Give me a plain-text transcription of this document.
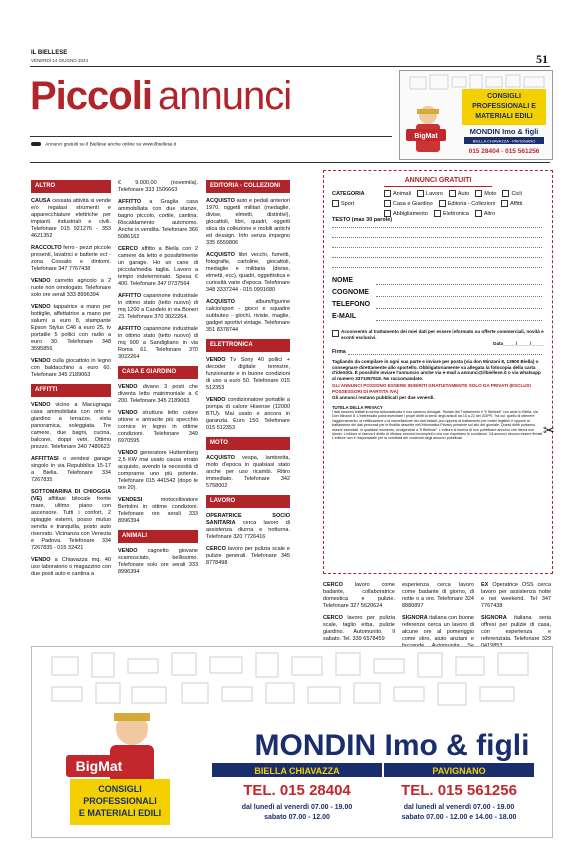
IL BIELLESE
VENERDÌ 14 GIUGNO 2024	51
Piccoli annunci
Annunci gratuiti su Il Biellese anche online su www.ilbiellese.it
BigMat
CONSIGLI
PROFESSIONALI E
MATERIALI EDILI
MONDIN Imo & figli
BIELLA CHIAVAZZA - PAVIGNANO
015 28404 - 015 561256
ALTRO

CAUSA cessata attività si vende e/o regalasi strumenti e apparecchiature elettriche per impianti industriali e civili. Telefonare 015 921276 - 353 4621352

RACCOLTO ferro - pezzi piccole presenti, lavatrici e batterie ect - zona Cossato e dintorni. Telefonare 347 7767438

VENDO carretto agricolo a 2 ruote non omologato. Telefonare solo ore serali 333 8996394

VENDO tappatrice a mano per bottiglie, affettatrice a mano per salumi a euro 8, stampante Epson Stylus C46 a euro 25, tv portatile 5 pollici con radio a euro 30. Telefonare 348 3595856

VENDO culla giocattolo in legno con baldacchino a euro 60. Telefonare 345 2189063

AFFITTI

VENDO vicino a Macugnaga casa ammobiliata con orto e giardino a terrazze, vista panoramica, soleggiata. Tre camere, due bagni, cucina, balcone, doppi vetri. Ottimo prezzo. Telefonare 340 7480623

AFFITTASI o vendesi garage singolo in via Repubblica 15-17 a Biella. Telefonare 334 7267835

SOTTOMARINA DI CHIOGGIA (VE) affittasi bilocale fronte mare, ultimo piano con ascensore. Tutti i confort, 2 spiaggie esterni, posso mutuo servita e tranquilla, posto auto riservato. Vicinanza con Venezia e Padova. Telefonare 334 7267835 - 015 32421

VENDO a Chiavazza mq. 40 uso laboratorio o magazzino con due posti auto e cantina a

€ 9.000,00 (novemila). Telefonare 333 1506663

AFFITTO a Graglia casa ammobiliata con due stanze, bagno piccolo, cortile, cantina. Riscaldamento autonomo. Anche in vendita. Telefonare 366 5086162

CERCO affitto a Biella con 2 camere da letto e possibilmente un garage. Ho un cane di piccola/media taglia. Lavoro a tempo indeterminato. Spesa € 400. Telefonare 347 0737564

AFFITTO capannone industriale in ottimo stato (tetto nuovo) di mq 1200 a Candelo in via Boneri 23. Telefonare 370 3022264.

AFFITTO capannone industriale in ottimo stato (tetto nuovo) di mq 900 a Sandigliano in via Roma 61. Telefonare 370 3022264

CASA E GIARDINO

VENDO divano 3 posti che diventa letto matrimoniale a € 200. Telefonare 345 2189063

VENDO struttura letto colore ottone e antracite più specchio cornice in legno in ottime condizioni. Telefonare 349 6970595

VENDO generatore Huttemberg 2,5 KW mai usato causa errato acquisto, avendo la necessità di comprarne uno più potente. Telefonare 015 441542 (dopo le ore 20).

VENDESI	motocoltivatore Bertolini in ottime condizioni. Telefonare ore serali 333 8996394

ANIMALI

VENDO cagnetto giovane scamosciato, bellissimo. Telefonare solo ore serali 333 8996394

EDITORIA - COLLEZIONI

ACQUISTO auto e pedali anteriori 1970, oggetti militari (medaglie, divise, elmetti, distintivi), giocattoli, libri, quadri, oggetti stica da collezione e mobili antichi ed dessign. Info senza impegno 335 6559806

ACQUISTO libri vecchi, fumetti, fotografie, cartoline, giocattoli, medaglie e militaria (divise, elmetti, ecc), quadri, oggettistica e curiosità varie d'epoca. Telefonare 348 3337244 - 015 0991680

ACQUISTO	album/figurine calcio/sport - gioco e squadre subbuteo - giochi, riviste, maglie, gadget sportivi vintage. Telefonare 351 8378744

ELETTRONICA

VENDO Tv Sony 40 pollici + decoder digitale terrestre, funzionante e in buone condizioni di uso a euro 50. Telefonare 015 512353

VENDO condizionatore portatile a pompa di calore Hisense (12000 BTU). Mai usato e ancora in garanzia. Euro 150. Telefonare 015 512353

MOTO

ACQUISTO vespa, lambretta, moto d'epoca in qualsiasi stato anche per uso ricambi. Ritiro immediato. Telefonare 342 5758002

LAVORO

OPERATRICE SOCIO SANITARIA cerca lavoro di assistenza diurna e notturna. Telefonare 320 7726416

CERCO lavoro per pulizia scale e pulizie generali. Telefonare 345 8778498

ANNUNCI GRATUITI
CATEGORIA	Animali	Lavoro	Auto	Moto	Cicli
Casa e Giardino	Editoria - Collezioni	Affitti
Abbigliamento	Elettronica	Altro
Sport
TESTO (max 30 parole)
NOME
COGNOME
TELEFONO
E-MAIL
Acconsento al trattamento dei miei dati per essere informato su offerte commerciali, novità e sconti esclusivi.
Data_____/_____/_____
Firma
Tagliando da compilare in ogni sua parte e inviare per posta (via don Minzoni 8, 13900 Biella) o consegnare direttamente allo sportello. Obbligatoriamente va allegata la fotocopia della carta d'identità. È possibile inviare l'annuncio anche via e-mail a annunci@ilbiellese.it o via whatsapp al numero 3371057918. No raccomandate.
GLI ANNUNCI POSSONO ESSERE INSERITI GRATUITAMENTE SOLO DA PRIVATI (ESCLUSI POSSESSORI DI PARTITA IVA)
Gli annunci restano pubblicati per due venerdì.
TUTELA DELLA PRIVACY
I dati saranno trattati in forma automatizzata e non saranno divulgati. Titolare del Trattamento è "Il Biellese" con sede in Biella, via Don Minzoni 8. L'interessato potrà esercitare i propri diritti ai sensi degli articoli da 15 a 22 del GDPR. Tra cui: quello di ottenere l'aggiornamento, la rettificazione o la cancellazione dei dati trattati; può opporsi al trattamento per motivi legittimi e opporsi al trattamento dei dati personali per le finalità descritte nell'Informativa Privacy presente sul sito del giornale. Questi diritti potranno essere esercitati, in qualsiasi momento, rivolgendosi a "Il Biellese". L'editore si riserva di non pubblicare annunci che riterrà non idonei. L'editore si riserva il diritto di rifiutare annunci incompleti o che non rispettano le condizioni. Gli annunci devono essere firmati. L'editore non è responsabile per la veridicità dei contenuti degli annunci pubblicati.
✂

CERCO lavoro come badante, collaboratrice domestica e pulizie. Telefonare 327 5620624

CERCO lavoro per pulizia scale, taglio erba, pulizie giardino. Automunito. Il sabato. Tel. 339 6578459

esperienza cerca lavoro come badante di giorno, di notte o a ore. Telefonare 324 8880897

SIGNORA italiana con buone referenze cerca un lavoro di alcune ore al pomeriggio come stiro, aiuto anziani e

EX Operatrice OSS cerca lavoro per assistenza notte e nei weekend. Tel 347 7767438

SIGNORA italiana seria offresi per pulizie di casa, con esperienza e referenziata. Telefonare 329

BigMat
CONSIGLI
PROFESSIONALI
E MATERIALI EDILI
MONDIN Imo & figli
BIELLA CHIAVAZZA	PAVIGNANO
TEL. 015 28404	TEL. 015 561256
dal lunedì al venerdì 07.00 - 19.00
sabato 07.00 - 12.00
dal lunedì al venerdì 07.00 - 19.00
sabato 07.00 - 12.00 e 14.00 - 18.00
